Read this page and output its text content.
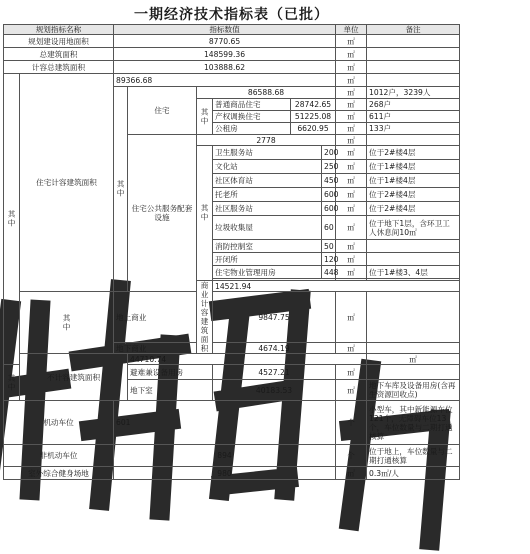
一期经济技术指标表（已批）
规划指标名称		指标数值						单位	备注	
规划建设用地面积		8770.65						㎡		
总建筑面积		148599.36						㎡		
计容总建筑面积		103888.62						㎡		
其中	住宅计容建筑面积	89366.68						㎡		
		其中	住宅	86588.68				㎡	1012户，3239人	
				其中	普通商品住宅	28742.65		㎡	268户	
					产权调换住宅	51225.08		㎡	611户	
					公租房	6620.95		㎡	133户	
			住宅公共服务配套设施	2778				㎡		
				其中	卫生服务站		200	㎡	位于2#楼4层	
					文化站		250	㎡	位于1#楼4层	
					社区体育站		450	㎡	位于1#楼4层	
					托老所		600	㎡	位于2#楼4层	
					社区服务站		600	㎡	位于2#楼4层	
					垃圾收集屋		60	㎡	位于地下1层，含环卫工人休息间10㎡	
					消防控制室		50	㎡		
					开闭所		120	㎡		
					住宅物业管理用房		448	㎡	位于1#楼3、4层	

				商业计容建筑面积	14521.94		
	其中	地上商业			9847.75			㎡		
		地下商业			4674.19			㎡		
	不计容建筑面积		44710.74						㎡	
其中			避难兼设备用房		4527.21			㎡		
			地下室		40183.53			㎡	地下车库及设备用房(含再生资源回收点)	
机动车位		601						个	小型车，其中新能源车位121个，无障碍车位13个，车位数量与二期打通核算	
非机动车位		894						个	位于地上，车位数量与二期打通核算	
室外综合健身场地		980						㎡	0.3㎡/人	
